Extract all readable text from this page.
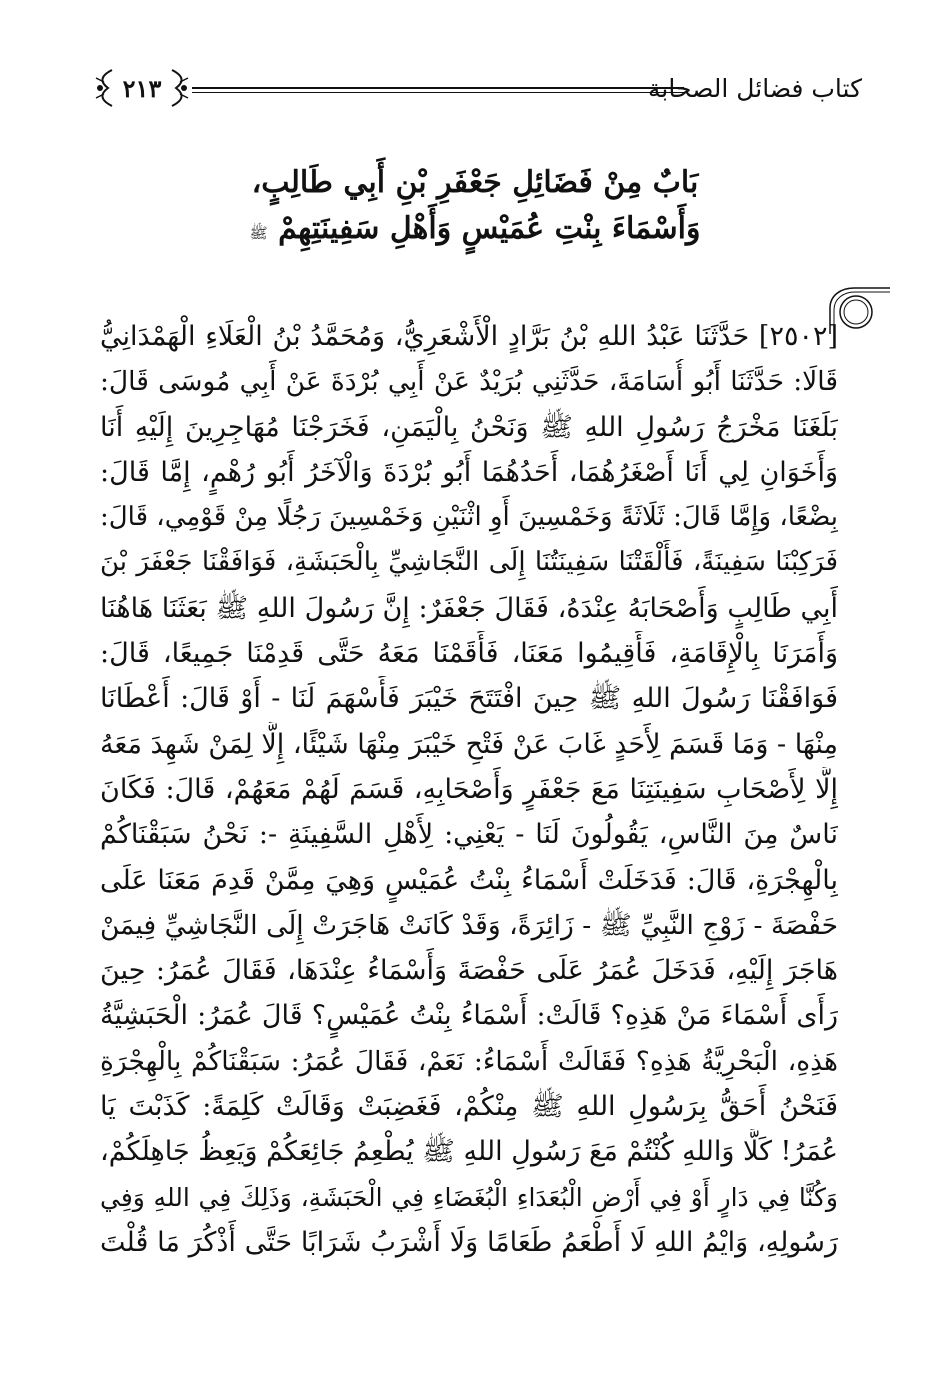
٢١٣	كتاب فضائل الصحابة
بَابٌ مِنْ فَضَائِلِ جَعْفَرِ بْنِ أَبِي طَالِبٍ،
وَأَسْمَاءَ بِنْتِ عُمَيْسٍ وَأَهْلِ سَفِينَتِهِمْ ﷺ
[٢٥٠٢] حَدَّثَنَا عَبْدُ اللهِ بْنُ بَرَّادٍ الْأَشْعَرِيُّ، وَمُحَمَّدُ بْنُ الْعَلَاءِ الْهَمْدَانِيُّ
قَالَا: حَدَّثَنَا أَبُو أُسَامَةَ، حَدَّثَنِي بُرَيْدٌ عَنْ أَبِي بُرْدَةَ عَنْ أَبِي مُوسَى قَالَ:
بَلَغَنَا مَخْرَجُ رَسُولِ اللهِ ﷺ وَنَحْنُ بِالْيَمَنِ، فَخَرَجْنَا مُهَاجِرِينَ إِلَيْهِ أَنَا
وَأَخَوَانِ لِي أَنَا أَصْغَرُهُمَا، أَحَدُهُمَا أَبُو بُرْدَةَ وَالْآخَرُ أَبُو رُهْمٍ، إِمَّا قَالَ:
بِضْعًا، وَإِمَّا قَالَ: ثَلَاثَةً وَخَمْسِينَ أَوِ اثْنَيْنِ وَخَمْسِينَ رَجُلًا مِنْ قَوْمِي، قَالَ:
فَرَكِبْنَا سَفِينَةً، فَأَلْقَتْنَا سَفِينَتُنَا إِلَى النَّجَاشِيِّ بِالْحَبَشَةِ، فَوَافَقْنَا جَعْفَرَ بْنَ
أَبِي طَالِبٍ وَأَصْحَابَهُ عِنْدَهُ، فَقَالَ جَعْفَرٌ: إِنَّ رَسُولَ اللهِ ﷺ بَعَثَنَا هَاهُنَا
وَأَمَرَنَا بِالْإِقَامَةِ، فَأَقِيمُوا مَعَنَا، فَأَقَمْنَا مَعَهُ حَتَّى قَدِمْنَا جَمِيعًا، قَالَ:
فَوَافَقْنَا رَسُولَ اللهِ ﷺ حِينَ افْتَتَحَ خَيْبَرَ فَأَسْهَمَ لَنَا - أَوْ قَالَ: أَعْطَانَا
مِنْهَا - وَمَا قَسَمَ لِأَحَدٍ غَابَ عَنْ فَتْحِ خَيْبَرَ مِنْهَا شَيْئًا، إِلَّا لِمَنْ شَهِدَ مَعَهُ
إِلَّا لِأَصْحَابِ سَفِينَتِنَا مَعَ جَعْفَرٍ وَأَصْحَابِهِ، قَسَمَ لَهُمْ مَعَهُمْ، قَالَ: فَكَانَ
نَاسٌ مِنَ النَّاسِ، يَقُولُونَ لَنَا - يَعْنِي: لِأَهْلِ السَّفِينَةِ -: نَحْنُ سَبَقْنَاكُمْ
بِالْهِجْرَةِ، قَالَ: فَدَخَلَتْ أَسْمَاءُ بِنْتُ عُمَيْسٍ وَهِيَ مِمَّنْ قَدِمَ مَعَنَا عَلَى
حَفْصَةَ - زَوْجِ النَّبِيِّ ﷺ - زَائِرَةً، وَقَدْ كَانَتْ هَاجَرَتْ إِلَى النَّجَاشِيِّ فِيمَنْ
هَاجَرَ إِلَيْهِ، فَدَخَلَ عُمَرُ عَلَى حَفْصَةَ وَأَسْمَاءُ عِنْدَهَا، فَقَالَ عُمَرُ: حِينَ
رَأَى أَسْمَاءَ مَنْ هَذِهِ؟ قَالَتْ: أَسْمَاءُ بِنْتُ عُمَيْسٍ؟ قَالَ عُمَرُ: الْحَبَشِيَّةُ
هَذِهِ، الْبَحْرِيَّةُ هَذِهِ؟ فَقَالَتْ أَسْمَاءُ: نَعَمْ، فَقَالَ عُمَرُ: سَبَقْنَاكُمْ بِالْهِجْرَةِ
فَنَحْنُ أَحَقُّ بِرَسُولِ اللهِ ﷺ مِنْكُمْ، فَغَضِبَتْ وَقَالَتْ كَلِمَةً: كَذَبْتَ يَا
عُمَرُ! كَلَّا وَاللهِ كُنْتُمْ مَعَ رَسُولِ اللهِ ﷺ يُطْعِمُ جَائِعَكُمْ وَيَعِظُ جَاهِلَكُمْ،
وَكُنَّا فِي دَارٍ أَوْ فِي أَرْضِ الْبُعَدَاءِ الْبُغَضَاءِ فِي الْحَبَشَةِ، وَذَلِكَ فِي اللهِ وَفِي
رَسُولِهِ، وَايْمُ اللهِ لَا أَطْعَمُ طَعَامًا وَلَا أَشْرَبُ شَرَابًا حَتَّى أَذْكُرَ مَا قُلْتَ
